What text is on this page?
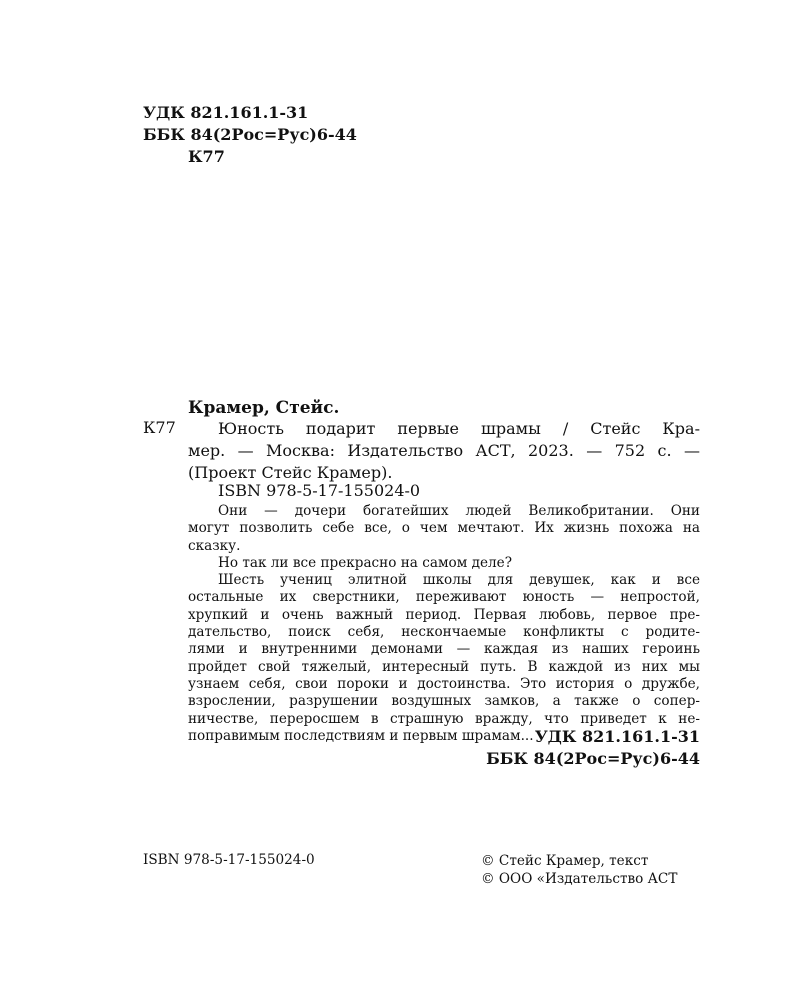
УДК 821.161.1-31
ББК 84(2Рос=Рус)6-44
К77
Крамер, Стейс.
К77	Юность подарит первые шрамы / Стейс Кра-
мер. — Москва: Издательство АСТ, 2023. — 752 с. —
(Проект Стейс Крамер).

ISBN 978-5-17-155024-0

Они — дочери богатейших людей Великобритании. Они
могут позволить себе все, о чем мечтают. Их жизнь похожа на
сказку.
Но так ли все прекрасно на самом деле?
Шесть учениц элитной школы для девушек, как и все
остальные их сверстники, переживают юность — непростой,
хрупкий и очень важный период. Первая любовь, первое пре-
дательство, поиск себя, нескончаемые конфликты с родите-
лями и внутренними демонами — каждая из наших героинь
пройдет свой тяжелый, интересный путь. В каждой из них мы
узнаем себя, свои пороки и достоинства. Это история о дружбе,
взрослении, разрушении воздушных замков, а также о сопер-
ничестве, переросшем в страшную вражду, что приведет к не-
поправимым последствиям и первым шрамам... УДК 821.161.1-31
ББК 84(2Рос=Рус)6-44
ISBN 978-5-17-155024-0	© Стейс Крамер, текст
© ООО «Издательство АСТ
